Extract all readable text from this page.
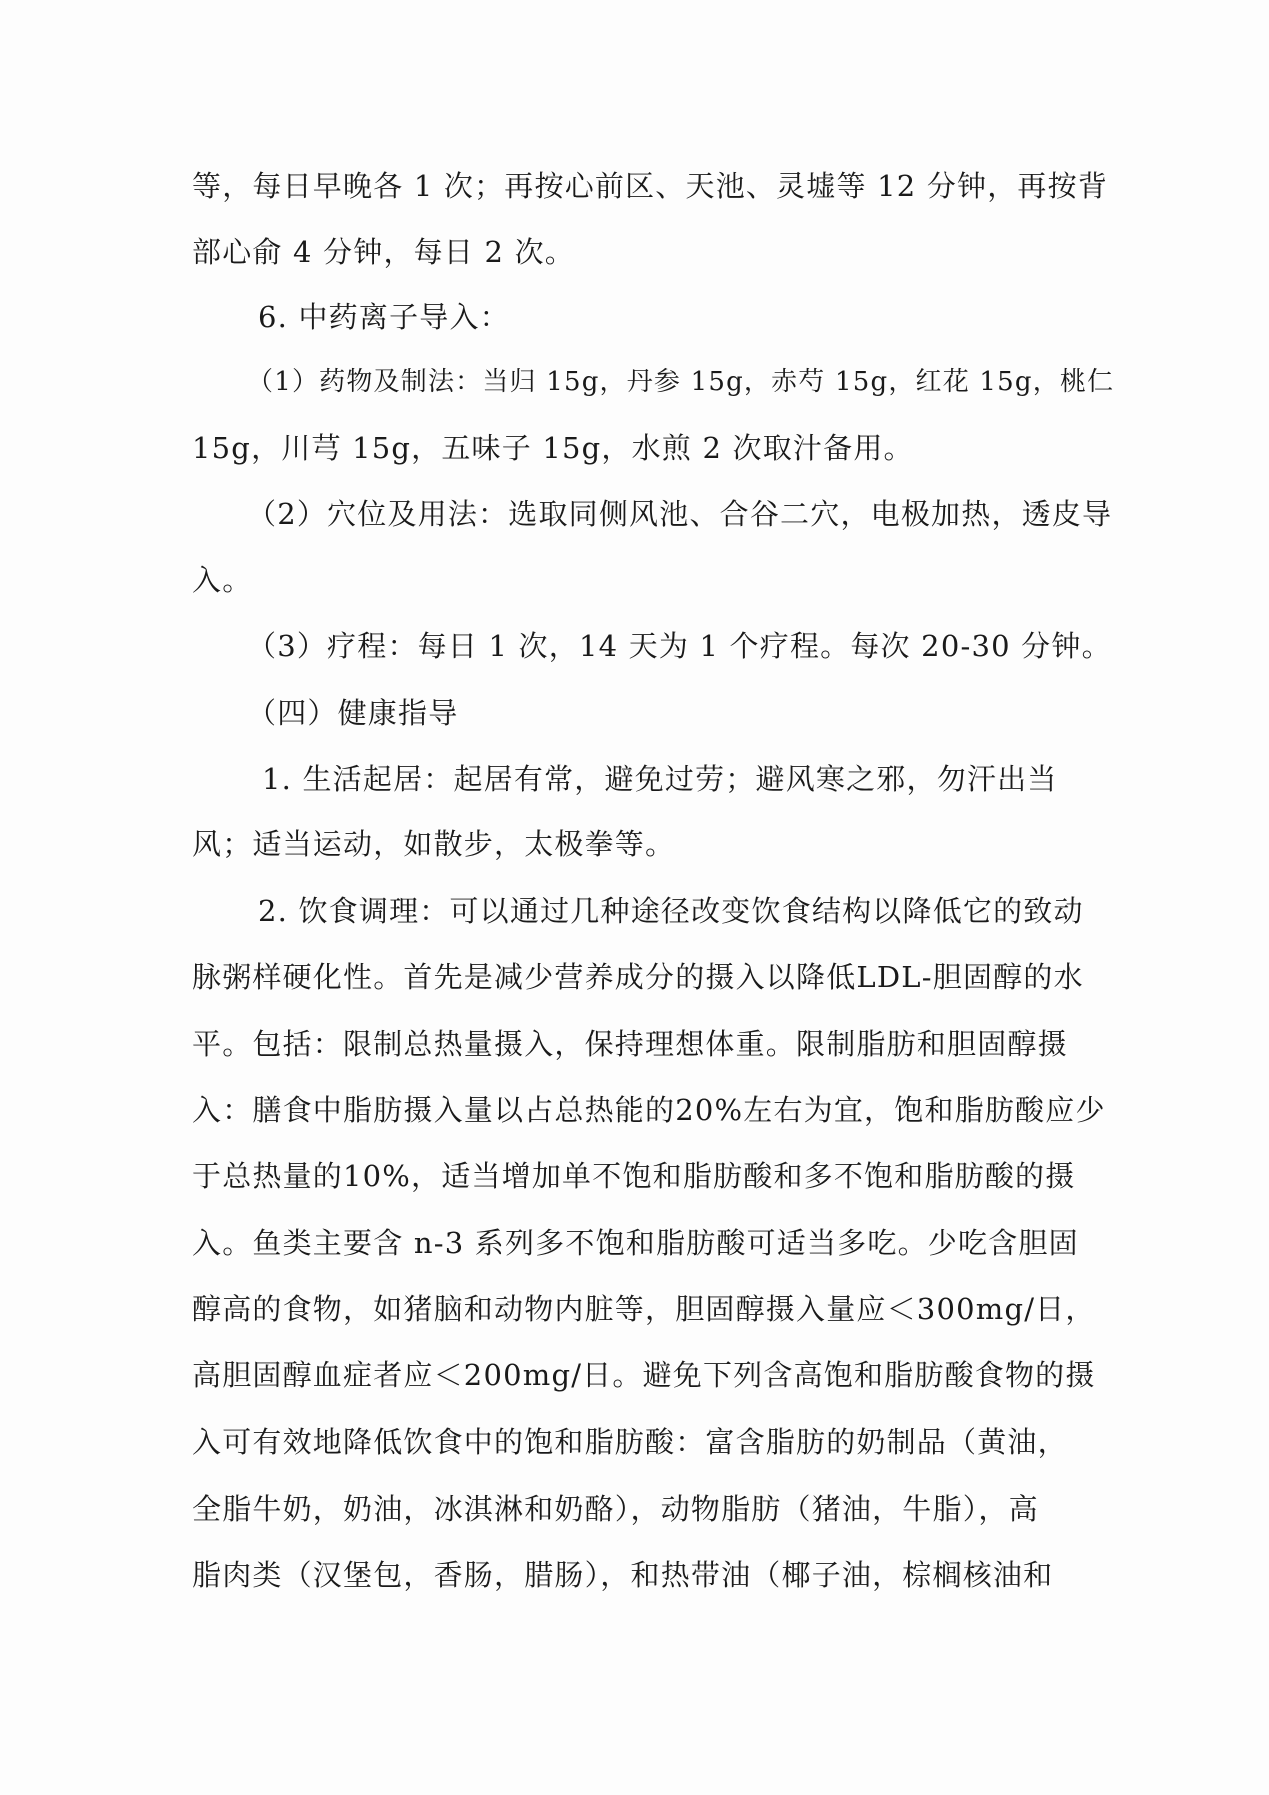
等，每日早晚各 1 次；再按心前区、天池、灵墟等 12 分钟，再按背
部心俞 4 分钟，每日 2 次。
6. 中药离子导入：
（1）药物及制法：当归 15g，丹参 15g，赤芍 15g，红花 15g，桃仁
15g，川芎 15g，五味子 15g，水煎 2 次取汁备用。
（2）穴位及用法：选取同侧风池、合谷二穴，电极加热，透皮导
入。
（3）疗程：每日 1 次，14 天为 1 个疗程。每次 20-30 分钟。
（四）健康指导
1. 生活起居：起居有常，避免过劳；避风寒之邪，勿汗出当
风；适当运动，如散步，太极拳等。
2. 饮食调理：可以通过几种途径改变饮食结构以降低它的致动
脉粥样硬化性。首先是减少营养成分的摄入以降低LDL-胆固醇的水
平。包括：限制总热量摄入，保持理想体重。限制脂肪和胆固醇摄
入：膳食中脂肪摄入量以占总热能的20%左右为宜，饱和脂肪酸应少
于总热量的10%，适当增加单不饱和脂肪酸和多不饱和脂肪酸的摄
入。鱼类主要含 n-3 系列多不饱和脂肪酸可适当多吃。少吃含胆固
醇高的食物，如猪脑和动物内脏等，胆固醇摄入量应＜300mg/日，
高胆固醇血症者应＜200mg/日。避免下列含高饱和脂肪酸食物的摄
入可有效地降低饮食中的饱和脂肪酸：富含脂肪的奶制品（黄油，
全脂牛奶，奶油，冰淇淋和奶酪），动物脂肪（猪油，牛脂），高
脂肉类（汉堡包，香肠，腊肠），和热带油（椰子油，棕榈核油和
